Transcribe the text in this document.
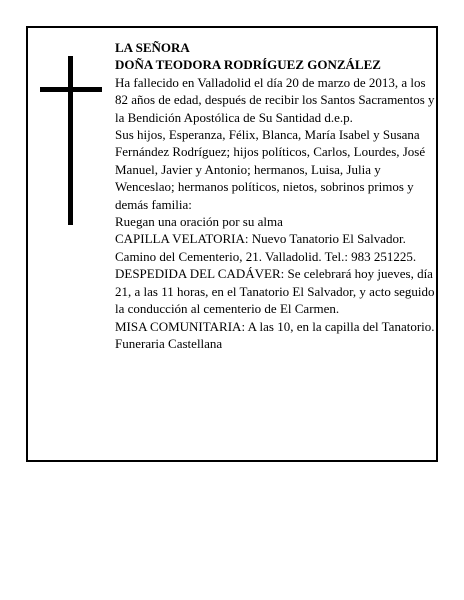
LA SEÑORA

DOÑA TEODORA RODRÍGUEZ GONZÁLEZ

Ha fallecido en Valladolid el día 20 de marzo de 2013, a los 82 años de edad, después de recibir los Santos Sacramentos y la Bendición Apostólica de Su Santidad d.e.p.

Sus hijos, Esperanza, Félix, Blanca, María Isabel y Susana Fernández Rodríguez; hijos políticos, Carlos, Lourdes, José Manuel, Javier y Antonio; hermanos, Luisa, Julia y Wenceslao; hermanos políticos, nietos, sobrinos primos y demás familia:

Ruegan una oración por su alma

CAPILLA VELATORIA: Nuevo Tanatorio El Salvador. Camino del Cementerio, 21. Valladolid. Tel.: 983 251225.

DESPEDIDA DEL CADÁVER: Se celebrará hoy jueves, día 21, a las 11 horas, en el Tanatorio El Salvador, y acto seguido la conducción al cementerio de El Carmen.

MISA COMUNITARIA: A las 10, en la capilla del Tanatorio.

Funeraria Castellana
